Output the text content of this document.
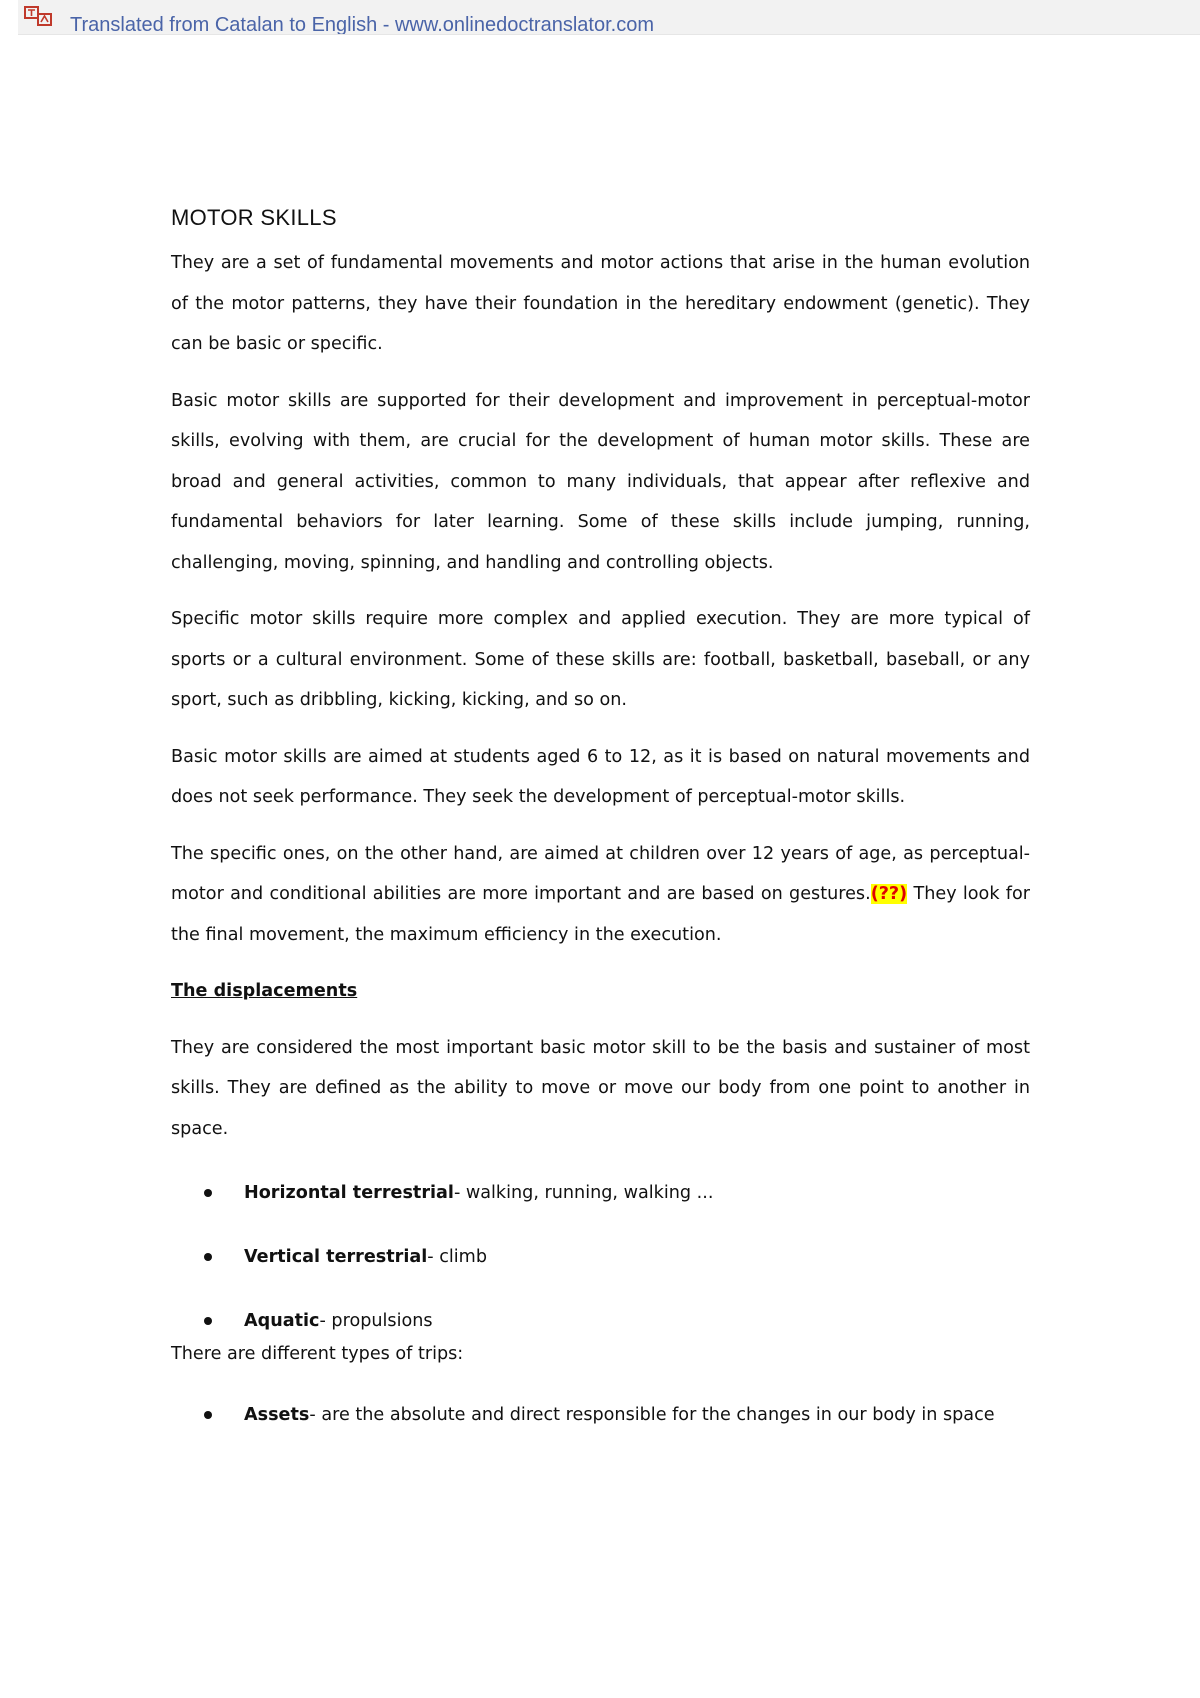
Translated from Catalan to English - www.onlinedoctranslator.com
MOTOR SKILLS

They are a set of fundamental movements and motor actions that arise in the human evolution of the motor patterns, they have their foundation in the hereditary endowment (genetic). They can be basic or specific.

Basic motor skills are supported for their development and improvement in perceptual-motor skills, evolving with them, are crucial for the development of human motor skills. These are broad and general activities, common to many individuals, that appear after reflexive and fundamental behaviors for later learning. Some of these skills include jumping, running, challenging, moving, spinning, and handling and controlling objects.

Specific motor skills require more complex and applied execution. They are more typical of sports or a cultural environment. Some of these skills are: football, basketball, baseball, or any sport, such as dribbling, kicking, kicking, and so on.

Basic motor skills are aimed at students aged 6 to 12, as it is based on natural movements and does not seek performance. They seek the development of perceptual-motor skills.

The specific ones, on the other hand, are aimed at children over 12 years of age, as perceptual-motor and conditional abilities are more important and are based on gestures.(??) They look for the final movement, the maximum efficiency in the execution.

The displacements

They are considered the most important basic motor skill to be the basis and sustainer of most skills. They are defined as the ability to move or move our body from one point to another in space.

Horizontal terrestrial- walking, running, walking ...
Vertical terrestrial- climb
Aquatic- propulsions
There are different types of trips:
Assets- are the absolute and direct responsible for the changes in our body in space
